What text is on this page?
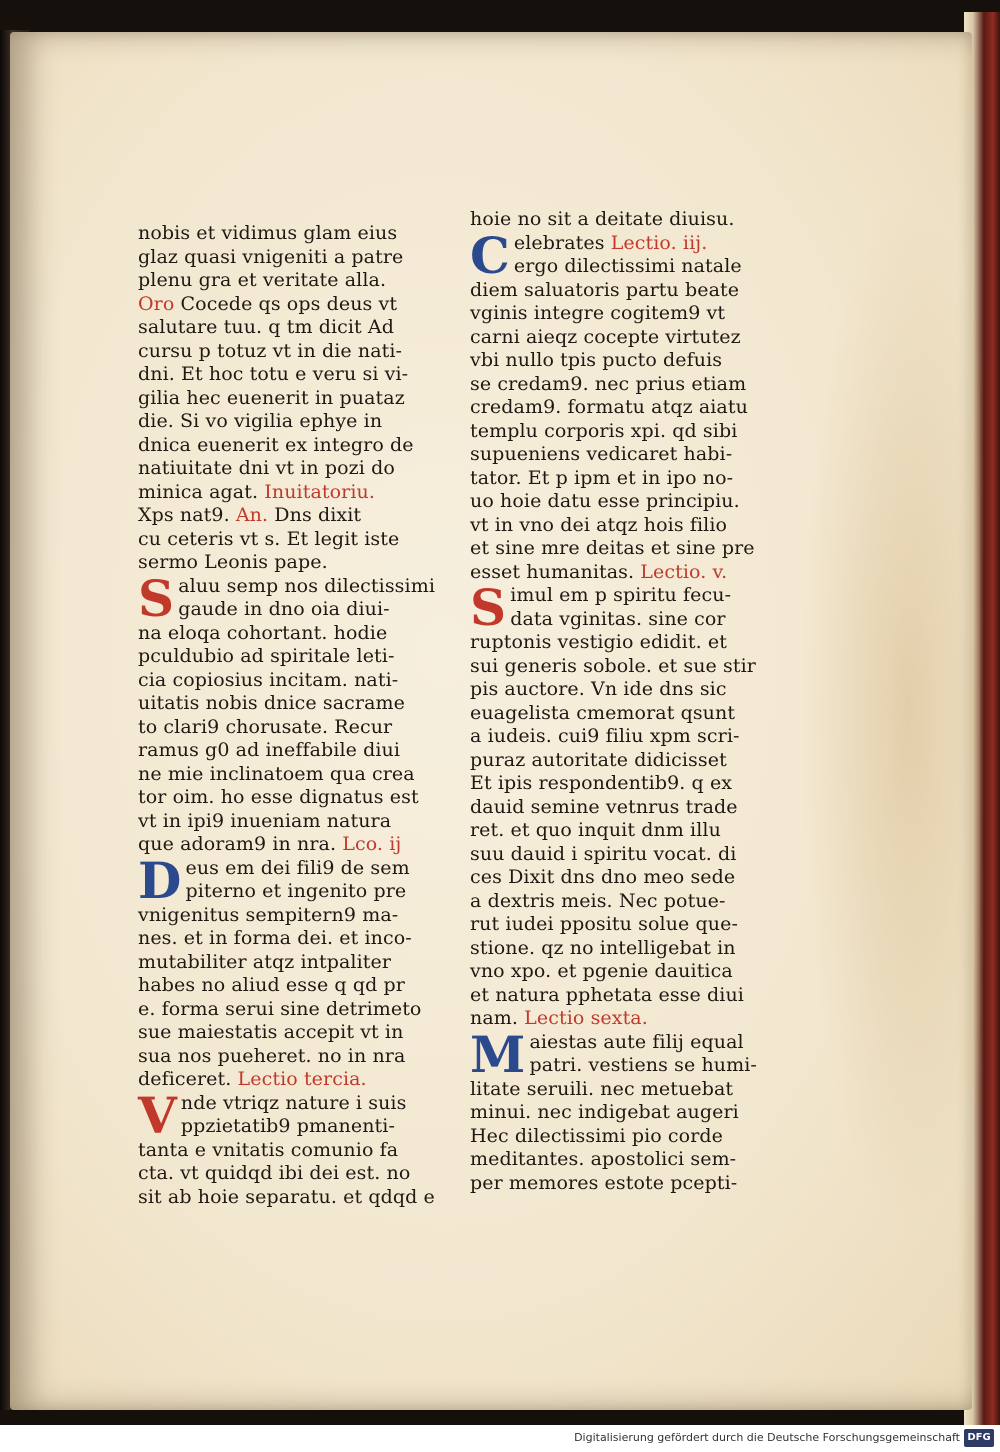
nobis et vidimus glam eius
glaz quasi vnigeniti a patre
plenu gra et veritate alla.
Oro Cocede qs ops deus vt
salutare tuu. q tm dicit Ad
cursu p totuz vt in die nati-
dni. Et hoc totu e veru si vi-
gilia hec euenerit in puataz
die. Si vo vigilia ephye in
dnica euenerit ex integro de
natiuitate dni vt in pozi do
minica agat. Inuitatoriu.
Xps nat9. An. Dns dixit
cu ceteris vt s. Et legit iste
sermo Leonis pape.
Saluu semp nos dilectissimi
gaude in dno oia diui-
na eloqa cohortant. hodie
pculdubio ad spiritale leti-
cia copiosius incitam. nati-
uitatis nobis dnice sacrame
to clari9 chorusate. Recur
ramus g0 ad ineffabile diui
ne mie inclinatoem qua crea
tor oim. ho esse dignatus est
vt in ipi9 inueniam natura
que adoram9 in nra. Lco. ij
Deus em dei fili9 de sem
piterno et ingenito pre
vnigenitus sempitern9 ma-
nes. et in forma dei. et inco-
mutabiliter atqz intpaliter
habes no aliud esse q qd pr
e. forma serui sine detrimeto
sue maiestatis accepit vt in
sua nos pueheret. no in nra
deficeret. Lectio tercia.
Vnde vtriqz nature i suis
ppzietatib9 pmanenti-
tanta e vnitatis comunio fa
cta. vt quidqd ibi dei est. no
sit ab hoie separatu. et qdqd e
hoie no sit a deitate diuisu.
Celebrates Lectio. iij.
ergo dilectissimi natale
diem saluatoris partu beate
vginis integre cogitem9 vt
carni aieqz cocepte virtutez
vbi nullo tpis pucto defuis
se credam9. nec prius etiam
credam9. formatu atqz aiatu
templu corporis xpi. qd sibi
supueniens vedicaret habi-
tator. Et p ipm et in ipo no-
uo hoie datu esse principiu.
vt in vno dei atqz hois filio
et sine mre deitas et sine pre
esset humanitas. Lectio. v.
Simul em p spiritu fecu-
data vginitas. sine cor
ruptonis vestigio edidit. et
sui generis sobole. et sue stir
pis auctore. Vn ide dns sic
euagelista cmemorat qsunt
a iudeis. cui9 filiu xpm scri-
puraz autoritate didicisset
Et ipis respondentib9. q ex
dauid semine vetnrus trade
ret. et quo inquit dnm illu
suu dauid i spiritu vocat. di
ces Dixit dns dno meo sede
a dextris meis. Nec potue-
rut iudei ppositu solue que-
stione. qz no intelligebat in
vno xpo. et pgenie dauitica
et natura pphetata esse diui
nam. Lectio sexta.
Maiestas aute filij equal
patri. vestiens se humi-
litate seruili. nec metuebat
minui. nec indigebat augeri
Hec dilectissimi pio corde
meditantes. apostolici sem-
per memores estote pcepti-
Digitalisierung gefördert durch die Deutsche Forschungsgemeinschaft DFG
